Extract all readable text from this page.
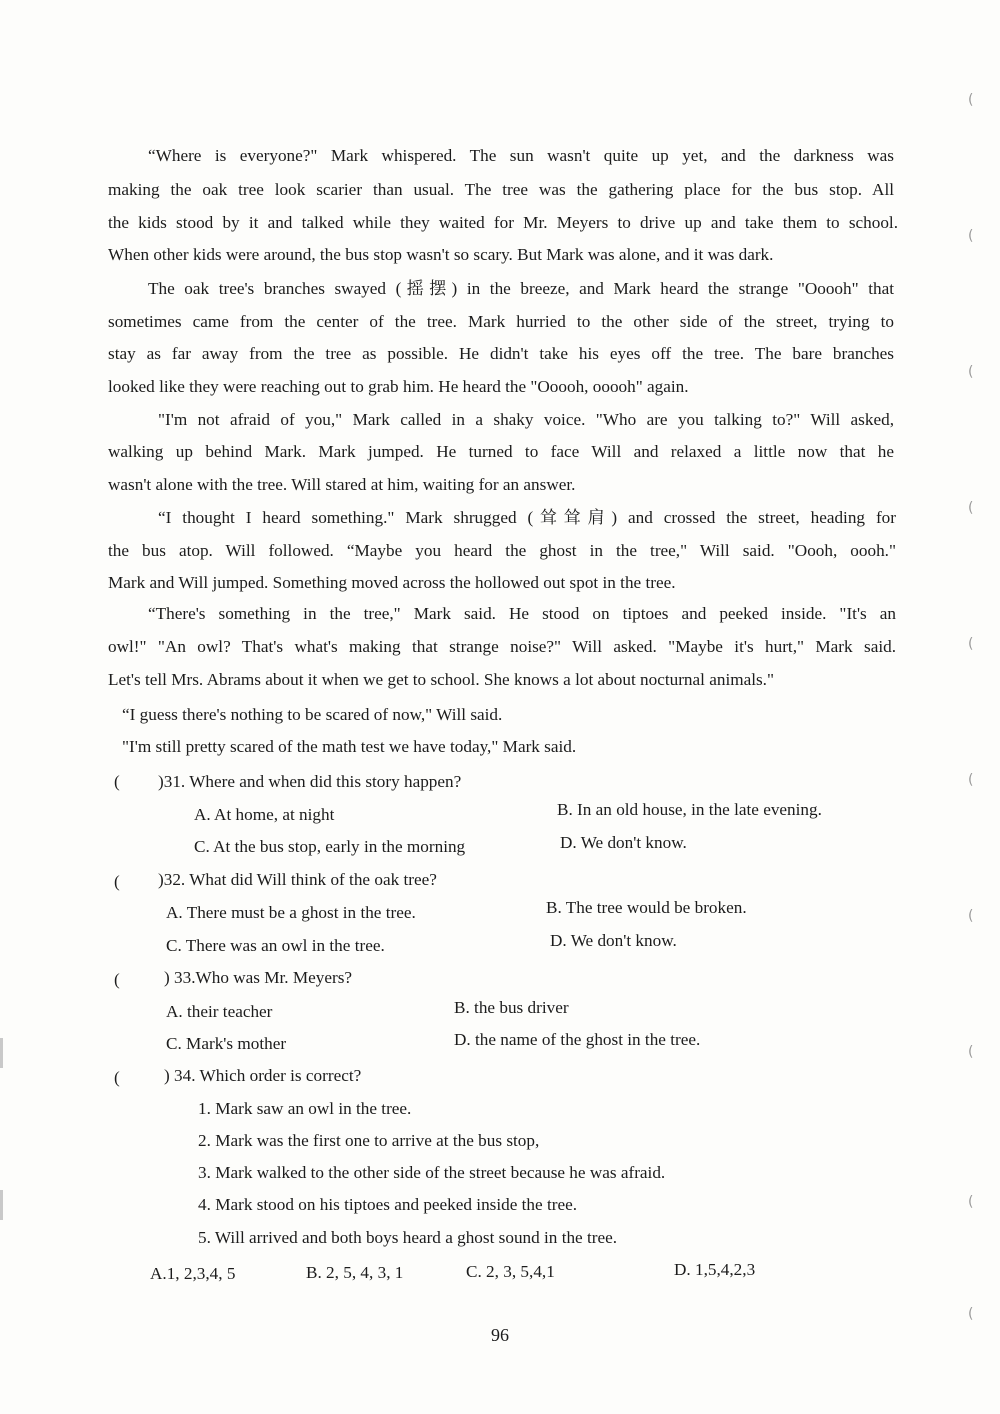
(
(
(
(
(
(
(
(
(
(
“Where is everyone?" Mark whispered. The sun wasn't quite up yet, and the darkness was
making the oak tree look scarier than usual. The tree was the gathering place for the bus stop. All
the kids stood by it and talked while they waited for Mr. Meyers to drive up and take them to school.
When other kids were around, the bus stop wasn't so scary. But Mark was alone, and it was dark.
The oak tree's branches swayed (摇摆) in the breeze, and Mark heard the strange "Ooooh" that
sometimes came from the center of the tree. Mark hurried to the other side of the street, trying to
stay as far away from the tree as possible. He didn't take his eyes off the tree. The bare branches
looked like they were reaching out to grab him. He heard the "Ooooh, ooooh" again.
"I'm not afraid of you," Mark called in a shaky voice. "Who are you talking to?" Will asked,
walking up behind Mark. Mark jumped. He turned to face Will and relaxed a little now that he
wasn't alone with the tree. Will stared at him, waiting for an answer.
“I thought I heard something." Mark shrugged (耸耸肩) and crossed the street, heading for
the bus atop. Will followed. “Maybe you heard the ghost in the tree," Will said. "Oooh, oooh."
Mark and Will jumped. Something moved across the hollowed out spot in the tree.
“There's something in the tree," Mark said. He stood on tiptoes and peeked inside. "It's an
owl!" "An owl? That's what's making that strange noise?" Will asked. "Maybe it's hurt," Mark said.
Let's tell Mrs. Abrams about it when we get to school. She knows a lot about nocturnal animals."
“I guess there's nothing to be scared of now," Will said.
"I'm still pretty scared of the math test we have today," Mark said.
( )31. Where and when did this story happen?
A. At home, at night	B. In an old house, in the late evening.
C. At the bus stop, early in the morning	D. We don't know.
( )32. What did Will think of the oak tree?
A. There must be a ghost in the tree.	B. The tree would be broken.
C. There was an owl in the tree.	D. We don't know.
(	) 33.Who was Mr. Meyers?
A. their teacher	B. the bus driver
C. Mark's mother	D. the name of the ghost in the tree.
(	) 34. Which order is correct?
1. Mark saw an owl in the tree.
2. Mark was the first one to arrive at the bus stop,
3. Mark walked to the other side of the street because he was afraid.
4. Mark stood on his tiptoes and peeked inside the tree.
5. Will arrived and both boys heard a ghost sound in the tree.
A.1, 2,3,4, 5	B. 2, 5, 4, 3, 1	C. 2, 3, 5,4,1	D. 1,5,4,2,3
96
